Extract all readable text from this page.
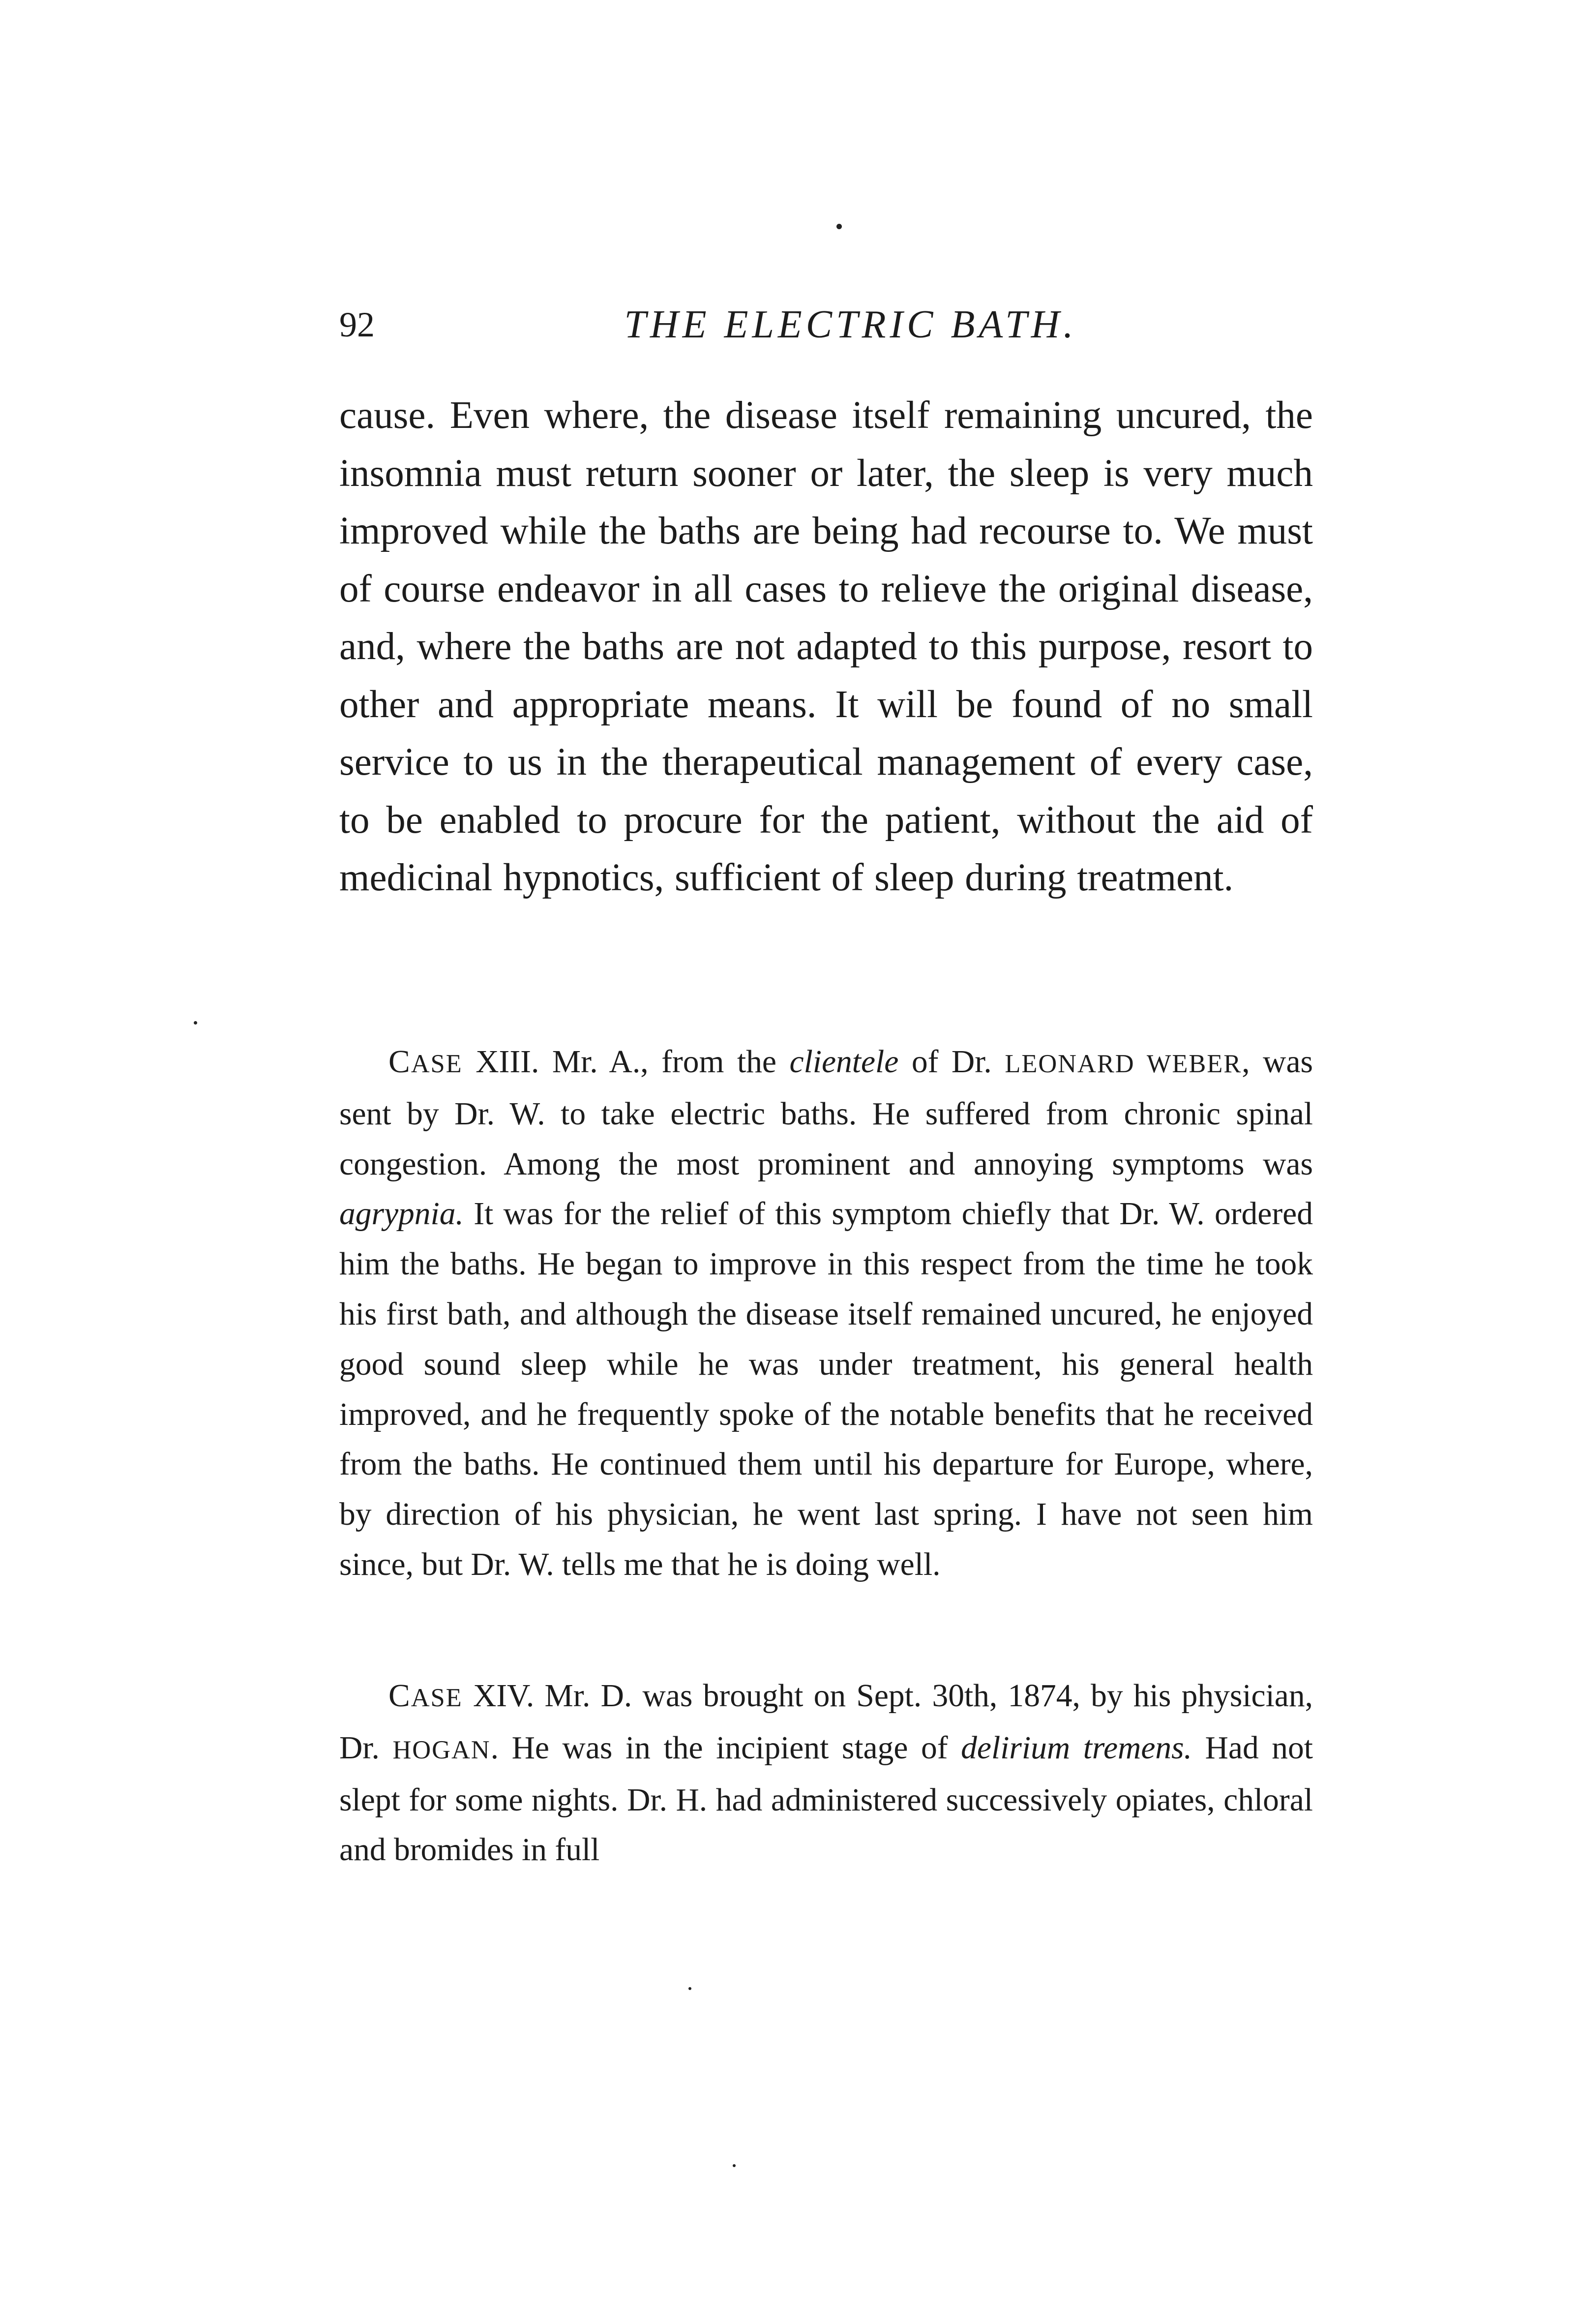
92	THE ELECTRIC BATH.

cause. Even where, the disease itself remaining uncured, the insomnia must return sooner or later, the sleep is very much improved while the baths are being had recourse to. We must of course endeavor in all cases to relieve the original disease, and, where the baths are not adapted to this purpose, resort to other and appropriate means. It will be found of no small service to us in the therapeutical management of every case, to be enabled to procure for the patient, without the aid of medicinal hypnotics, sufficient of sleep during treatment.

CASE XIII. Mr. A., from the clientele of Dr. LEONARD WEBER, was sent by Dr. W. to take electric baths. He suffered from chronic spinal congestion. Among the most prominent and annoying symptoms was agrypnia. It was for the relief of this symptom chiefly that Dr. W. ordered him the baths. He began to improve in this respect from the time he took his first bath, and although the disease itself remained uncured, he enjoyed good sound sleep while he was under treatment, his general health improved, and he frequently spoke of the notable benefits that he received from the baths. He continued them until his departure for Europe, where, by direction of his physician, he went last spring. I have not seen him since, but Dr. W. tells me that he is doing well.

CASE XIV. Mr. D. was brought on Sept. 30th, 1874, by his physician, Dr. HOGAN. He was in the incipient stage of delirium tremens. Had not slept for some nights. Dr. H. had administered successively opiates, chloral and bromides in full
